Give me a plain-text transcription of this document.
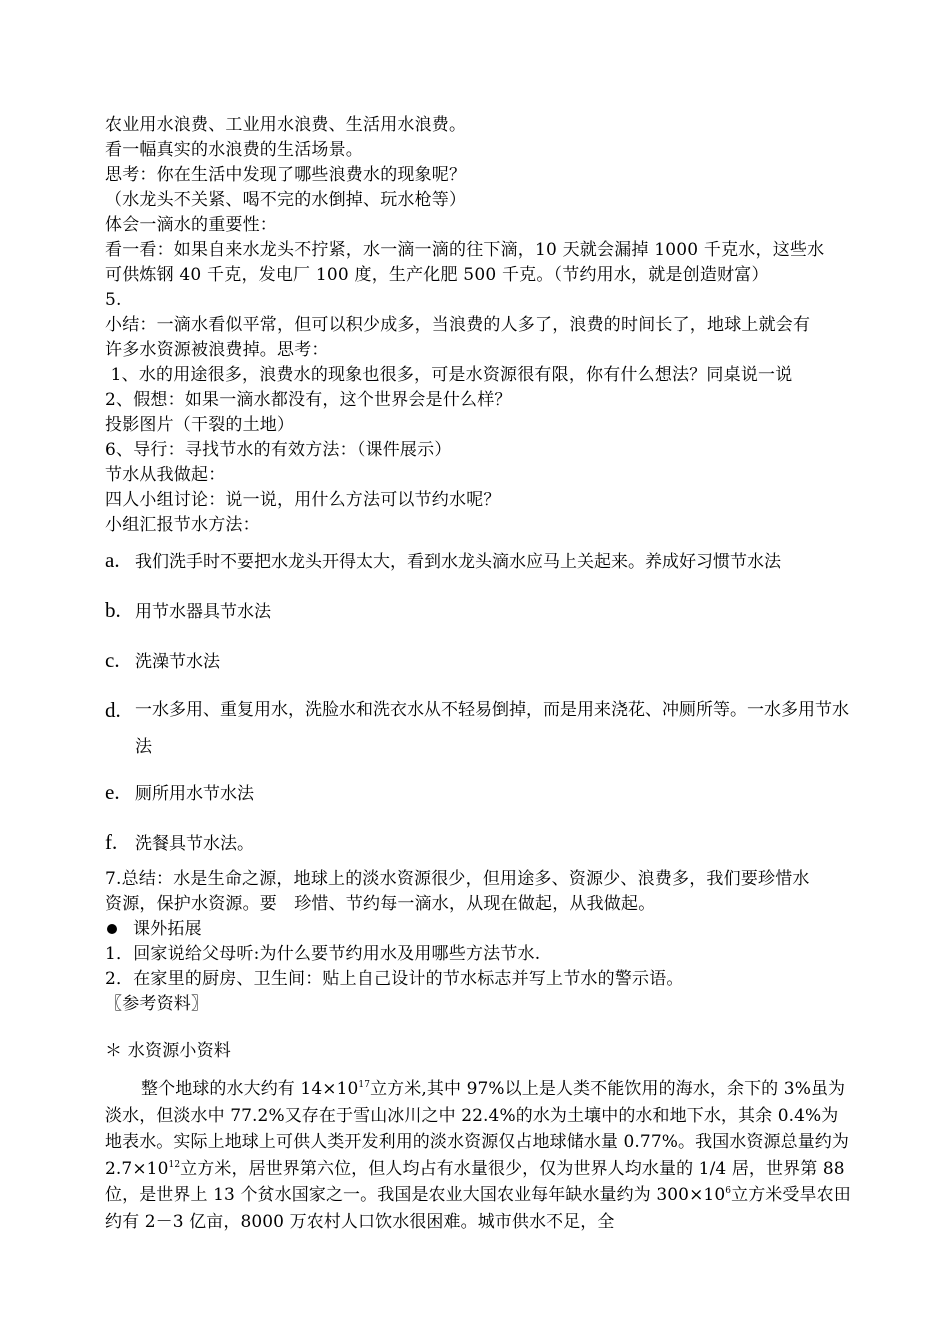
农业用水浪费、工业用水浪费、生活用水浪费。
看一幅真实的水浪费的生活场景。
思考：你在生活中发现了哪些浪费水的现象呢？
（水龙头不关紧、喝不完的水倒掉、玩水枪等）
体会一滴水的重要性：
看一看：如果自来水龙头不拧紧，水一滴一滴的往下滴，10 天就会漏掉 1000 千克水，这些水
可供炼钢 40 千克，发电厂 100 度，生产化肥 500 千克。（节约用水，就是创造财富）
5.
小结：一滴水看似平常，但可以积少成多，当浪费的人多了，浪费的时间长了，地球上就会有
许多水资源被浪费掉。思考：
1、水的用途很多，浪费水的现象也很多，可是水资源很有限，你有什么想法？同桌说一说
2、假想：如果一滴水都没有，这个世界会是什么样？
投影图片（干裂的土地）
6、导行：寻找节水的有效方法：（课件展示）
节水从我做起：
四人小组讨论：说一说，用什么方法可以节约水呢？
小组汇报节水方法：
a. 我们洗手时不要把水龙头开得太大，看到水龙头滴水应马上关起来。养成好习惯节水法
b. 用节水器具节水法
c. 洗澡节水法
d. 一水多用、重复用水，洗脸水和洗衣水从不轻易倒掉，而是用来浇花、冲厕所等。一水多用节水法
e. 厕所用水节水法
f.	洗餐具节水法。
7.总结：水是生命之源，地球上的淡水资源很少，但用途多、资源少、浪费多，我们要珍惜水
资源，保护水资源。要　珍惜、节约每一滴水，从现在做起，从我做起。
课外拓展
1．回家说给父母听:为什么要节约用水及用哪些方法节水.
2．在家里的厨房、卫生间：贴上自己设计的节水标志并写上节水的警示语。
〖参考资料〗
＊ 水资源小资料
整个地球的水大约有 $14\times 10^{17}$立方米,其中 97%以上是人类不能饮用的海水，余下的 3%虽为淡水，但淡水中 77.2%又存在于雪山冰川之中 22.4%的水为土壤中的水和地下水，其余 0.4%为地表水。实际上地球上可供人类开发利用的淡水资源仅占地球储水量 0.77%。我国水资源总量约为 $2.7\times 10^{12}$立方米，居世界第六位，但人均占有水量很少，仅为世界人均水量的 1/4 居，世界第 88 位，是世界上 13 个贫水国家之一。我国是农业大国农业每年缺水量约为 $300\times 10^6$立方米受旱农田约有 2－3 亿亩，8000 万农村人口饮水很困难。城市供水不足，全
